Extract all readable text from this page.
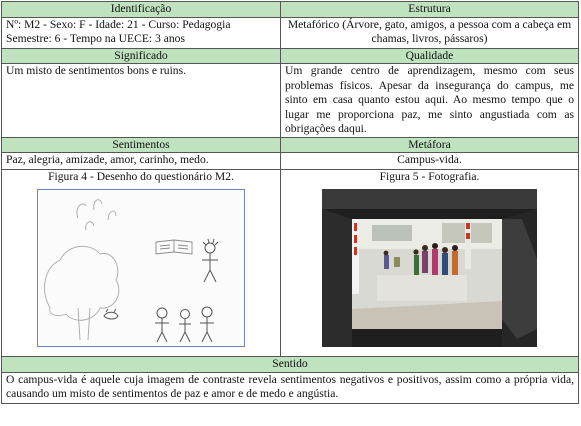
Identificação	Estrutura

Nº: M2 - Sexo: F - Idade: 21 - Curso: Pedagogia
Semestre: 6 - Tempo na UECE: 3 anos	Metafórico (Árvore, gato, amigos, a pessoa com a cabeça em chamas, livros, pássaros)
Significado	Qualidade
Um misto de sentimentos bons e ruins.	Um grande centro de aprendizagem, mesmo com seus problemas físicos. Apesar da insegurança do campus, me sinto em casa quanto estou aqui. Ao mesmo tempo que o lugar me proporciona paz, me sinto angustiada com as obrigações daqui.
Sentimentos	Metáfora
Paz, alegria, amizade, amor, carinho, medo.	Campus-vida.

Figura 4 - Desenho do questionário M2.	Figura 5 - Fotografia.

Sentido	
O campus-vida é aquele cuja imagem de contraste revela sentimentos negativos e positivos, assim como a própria vida, causando um misto de sentimentos de paz e amor e de medo e angústia.	
